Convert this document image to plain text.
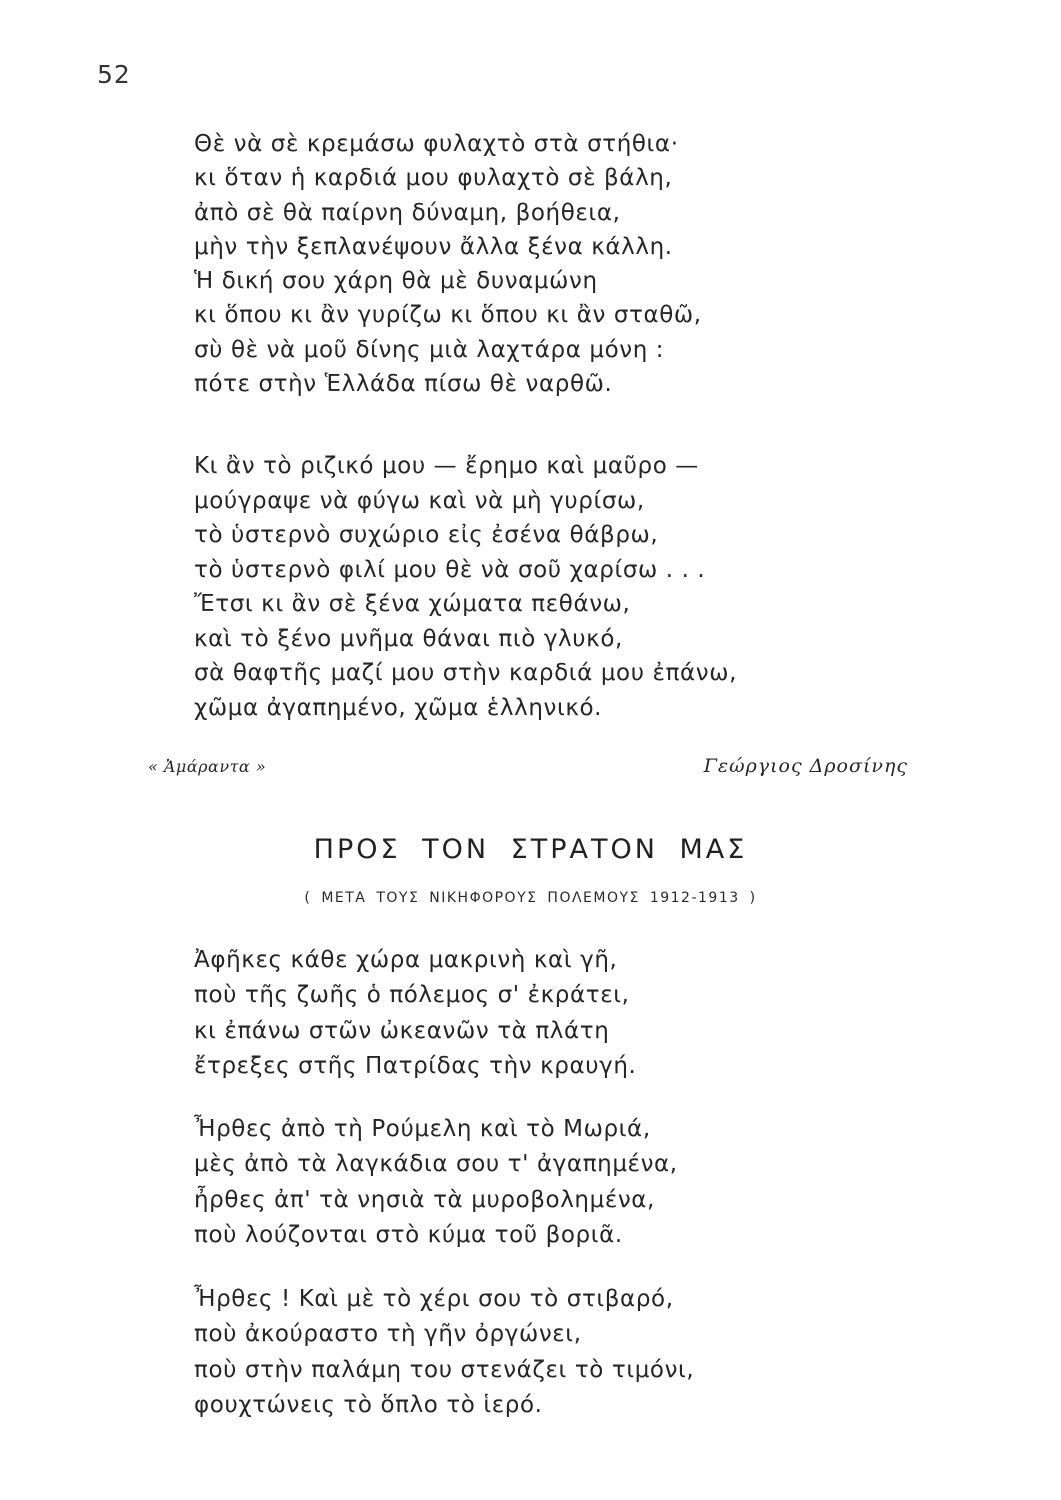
52
Θὲ νὰ σὲ κρεμάσω φυλαχτὸ στὰ στήθια·
κι ὅταν ἡ καρδιά μου φυλαχτὸ σὲ βάλη,
ἀπὸ σὲ θὰ παίρνη δύναμη, βοήθεια,
μὴν τὴν ξεπλανέψουν ἄλλα ξένα κάλλη.
Ἡ δική σου χάρη θὰ μὲ δυναμώνη
κι ὅπου κι ἂν γυρίζω κι ὅπου κι ἂν σταθῶ,
σὺ θὲ νὰ μοῦ δίνης μιὰ λαχτάρα μόνη :
πότε στὴν Ἑλλάδα πίσω θὲ ναρθῶ.
Κι ἂν τὸ ριζικό μου — ἔρημο καὶ μαῦρο —
μούγραψε νὰ φύγω καὶ νὰ μὴ γυρίσω,
τὸ ὑστερνὸ συχώριο εἰς ἐσένα θάβρω,
τὸ ὑστερνὸ φιλί μου θὲ νὰ σοῦ χαρίσω . . .
Ἔτσι κι ἂν σὲ ξένα χώματα πεθάνω,
καὶ τὸ ξένο μνῆμα θάναι πιὸ γλυκό,
σὰ θαφτῆς μαζί μου στὴν καρδιά μου ἐπάνω,
χῶμα ἀγαπημένο, χῶμα ἑλληνικό.
« Ἀμάραντα »	Γεώργιος Δροσίνης
ΠΡΟΣ ΤΟΝ ΣΤΡΑΤΟΝ ΜΑΣ
( ΜΕΤΑ ΤΟΥΣ ΝΙΚΗΦΟΡΟΥΣ ΠΟΛΕΜΟΥΣ 1912-1913 )
Ἀφῆκες κάθε χώρα μακρινὴ καὶ γῆ,
ποὺ τῆς ζωῆς ὁ πόλεμος σ' ἐκράτει,
κι ἐπάνω στῶν ὠκεανῶν τὰ πλάτη
ἔτρεξες στῆς Πατρίδας τὴν κραυγή.
Ἦρθες ἀπὸ τὴ Ρούμελη καὶ τὸ Μωριά,
μὲς ἀπὸ τὰ λαγκάδια σου τ' ἀγαπημένα,
ἦρθες ἀπ' τὰ νησιὰ τὰ μυροβολημένα,
ποὺ λούζονται στὸ κύμα τοῦ βοριᾶ.
Ἦρθες ! Καὶ μὲ τὸ χέρι σου τὸ στιβαρό,
ποὺ ἀκούραστο τὴ γῆν ὀργώνει,
ποὺ στὴν παλάμη του στενάζει τὸ τιμόνι,
φουχτώνεις τὸ ὅπλο τὸ ἱερό.
